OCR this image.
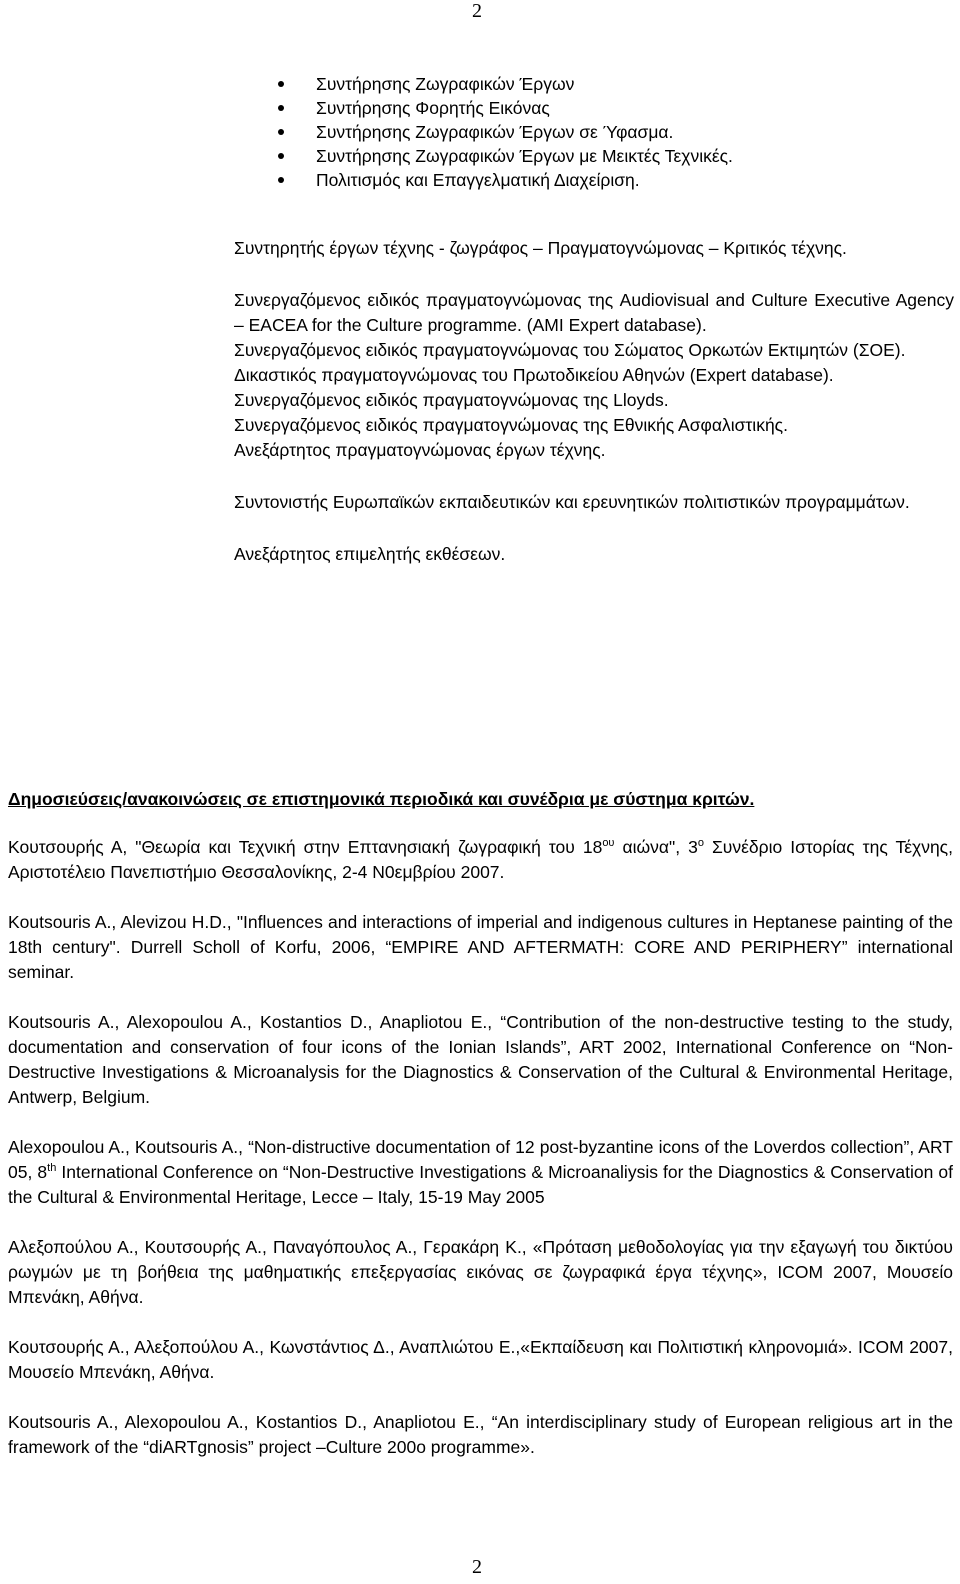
2
Συντήρησης Ζωγραφικών Έργων
Συντήρησης Φορητής Εικόνας
Συντήρησης Ζωγραφικών Έργων σε Ύφασμα.
Συντήρησης Ζωγραφικών Έργων με Μεικτές Τεχνικές.
Πολιτισμός και Επαγγελματική Διαχείριση.

Συντηρητής έργων τέχνης - ζωγράφος – Πραγματογνώμονας – Κριτικός τέχνης.

Συνεργαζόμενος ειδικός πραγματογνώμονας της Audiovisual and Culture Executive Agency – EACEA for the Culture programme. (AMI Expert database).

Συνεργαζόμενος ειδικός πραγματογνώμονας του Σώματος Ορκωτών Εκτιμητών (ΣΟΕ).

Δικαστικός πραγματογνώμονας του Πρωτοδικείου Αθηνών (Expert database).

Συνεργαζόμενος ειδικός πραγματογνώμονας της Lloyds.

Συνεργαζόμενος ειδικός πραγματογνώμονας της Εθνικής Ασφαλιστικής.

Ανεξάρτητος πραγματογνώμονας έργων τέχνης.

Συντονιστής Ευρωπαϊκών εκπαιδευτικών και ερευνητικών πολιτιστικών προγραμμάτων.

Ανεξάρτητος επιμελητής εκθέσεων.

Δημοσιεύσεις/ανακοινώσεις σε επιστημονικά περιοδικά και συνέδρια με σύστημα κριτών.

Κουτσουρής Α, "Θεωρία και Τεχνική στην Επτανησιακή ζωγραφική του $18^{o\upsilon}$ αιώνα", $3^o$ Συνέδριο Ιστορίας της Τέχνης, Αριστοτέλειο Πανεπιστήμιο Θεσσαλονίκης, 2-4 Ν0εμβρίου 2007.

Koutsouris A., Alevizou H.D., "Influences and interactions of imperial and indigenous cultures in Heptanese painting of the 18th century". Durrell Scholl of Korfu, 2006, “EMPIRE AND AFTERMATH: CORE AND PERIPHERY” international seminar.

Koutsouris A., Alexopoulou A., Kostantios D., Anapliotou E., “Contribution of the non-destructive testing to the study, documentation and conservation of four icons of the Ionian Islands”, ART 2002, International Conference on “Non-Destructive Investigations & Microanalysis for the Diagnostics & Conservation of the Cultural & Environmental Heritage, Antwerp, Belgium.

Alexopoulou A., Koutsouris A., “Non-distructive documentation of 12 post-byzantine icons of the Loverdos collection”, ART 05, 8th International Conference on “Non-Destructive Investigations & Microanaliysis for the Diagnostics & Conservation of the Cultural & Environmental Heritage, Lecce – Italy, 15-19 May 2005

Αλεξοπούλου Α., Κουτσουρής Α., Παναγόπουλος Α., Γερακάρη Κ., «Πρόταση μεθοδολογίας για την εξαγωγή του δικτύου ρωγμών με τη βοήθεια της μαθηματικής επεξεργασίας εικόνας σε ζωγραφικά έργα τέχνης», ICOM 2007, Μουσείο Μπενάκη, Αθήνα.

Κουτσουρής Α., Αλεξοπούλου Α., Κωνστάντιος Δ., Αναπλιώτου Ε.,«Εκπαίδευση και Πολιτιστική κληρονομιά». ICOM 2007, Μουσείο Μπενάκη, Αθήνα.

Koutsouris A., Alexopoulou A., Kostantios D., Anapliotou E., “An interdisciplinary study of European religious art in the framework of the “diARTgnosis” project –Culture 200o programme».

2
